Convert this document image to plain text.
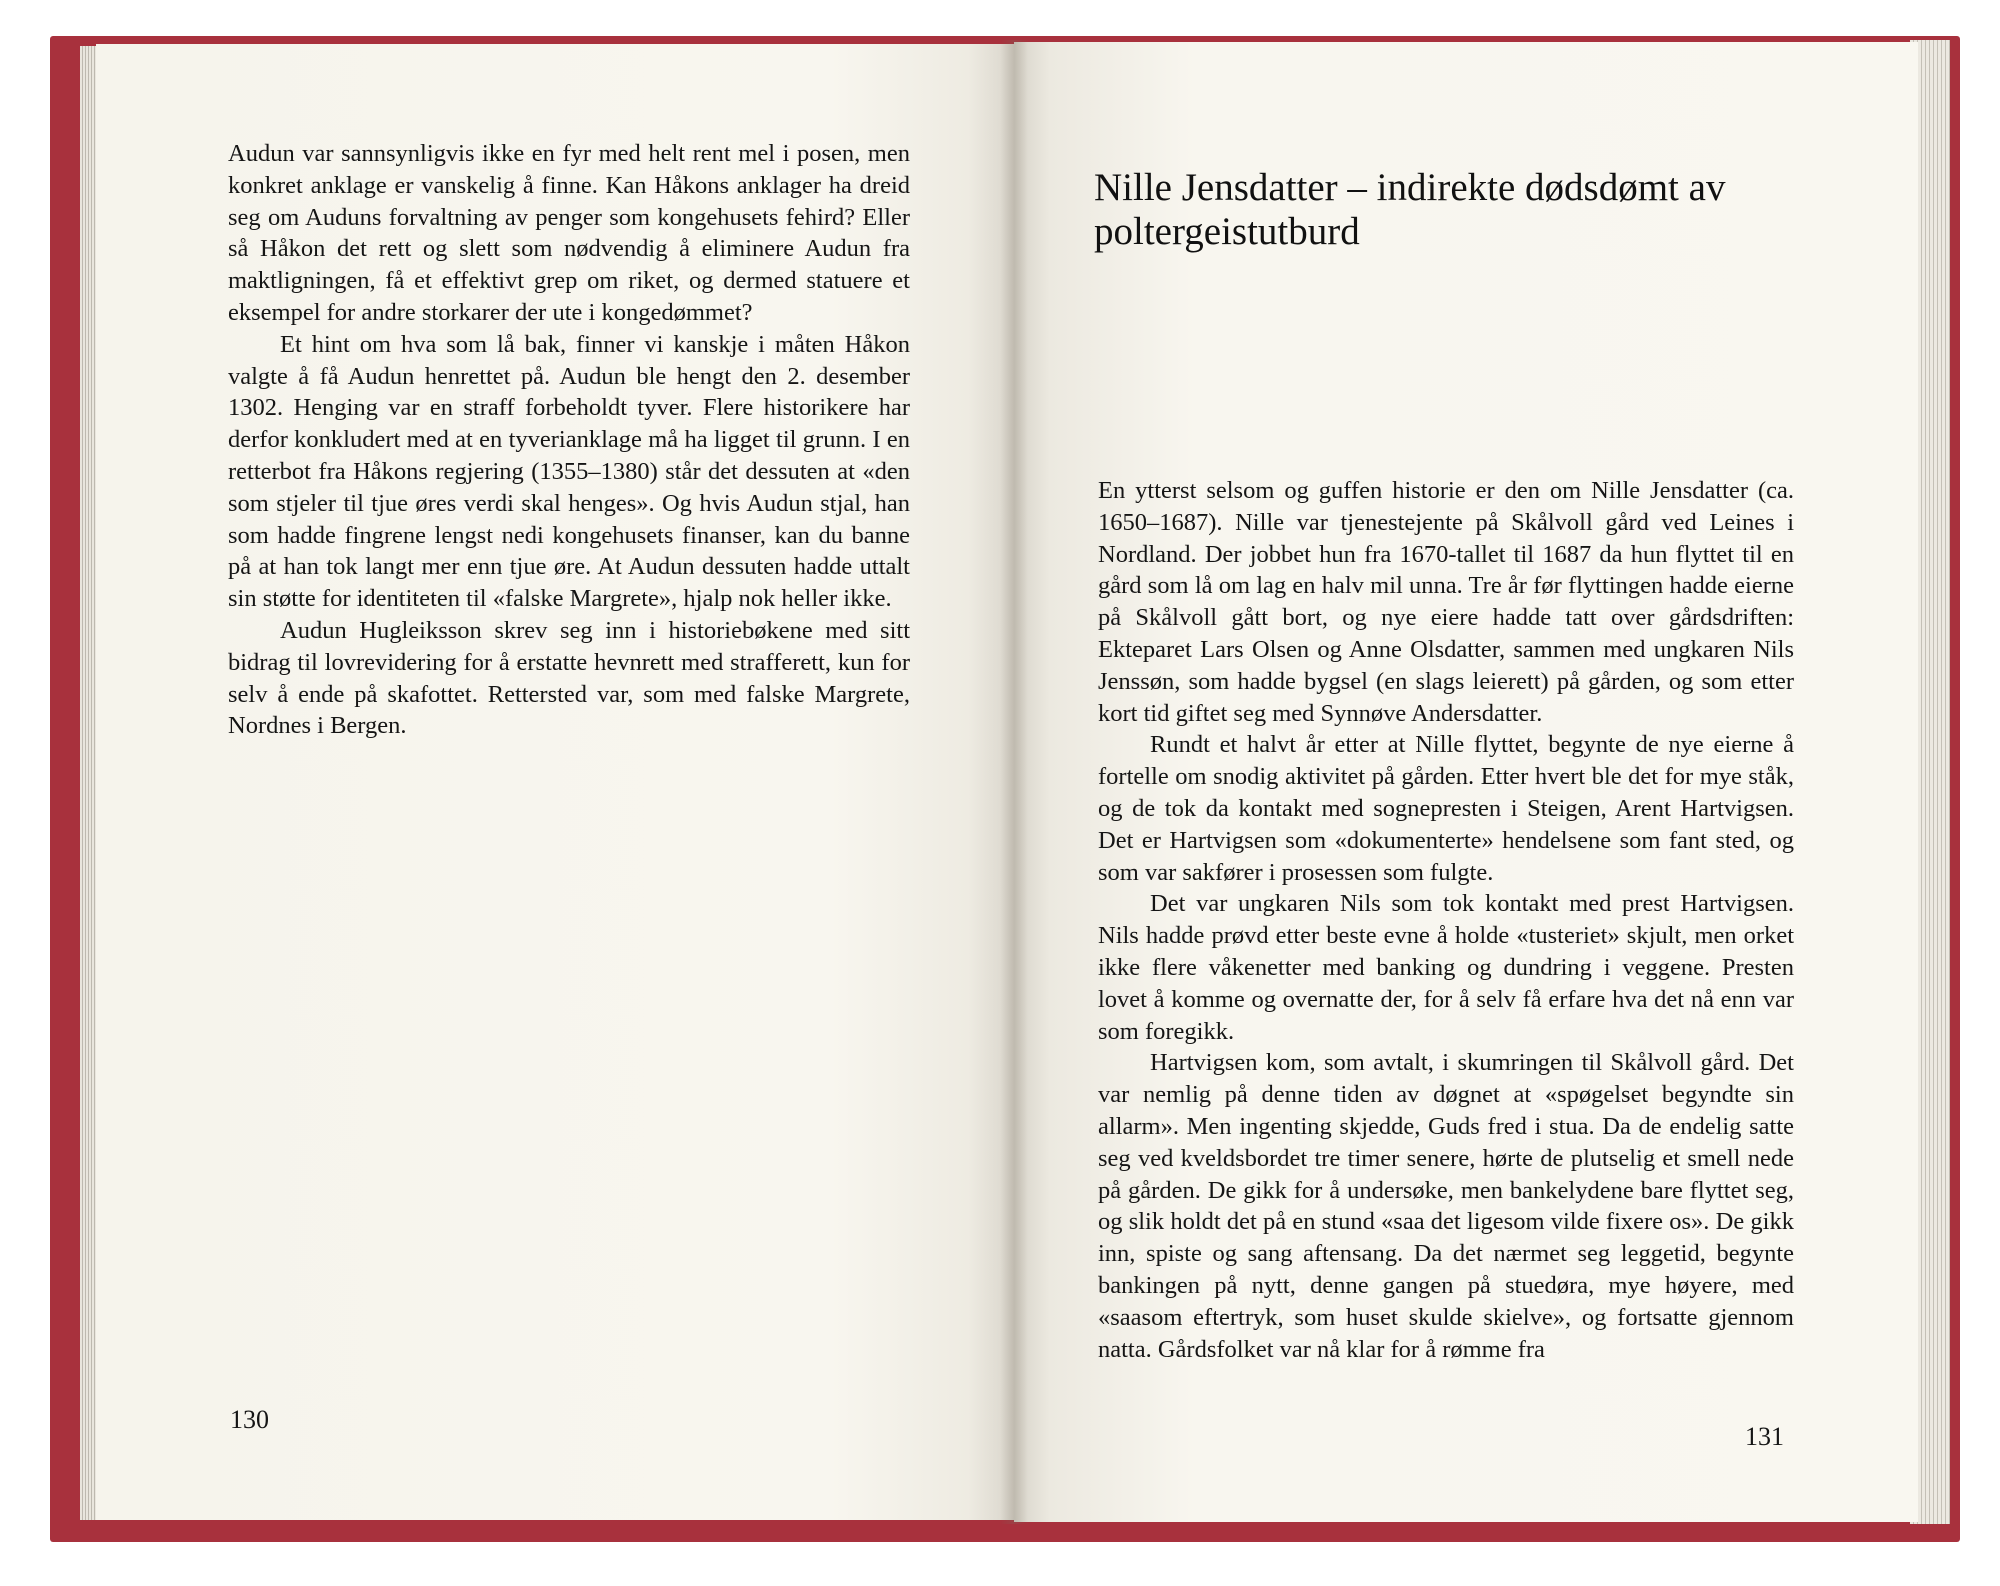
Audun var sannsynligvis ikke en fyr med helt rent mel i posen, men konkret anklage er vanskelig å finne. Kan Håkons anklager ha dreid seg om Auduns forvaltning av penger som kongehusets fehird? Eller så Håkon det rett og slett som nødvendig å eliminere Audun fra maktligningen, få et effektivt grep om riket, og dermed statuere et eksempel for andre storkarer der ute i kongedømmet?

Et hint om hva som lå bak, finner vi kanskje i måten Håkon valgte å få Audun henrettet på. Audun ble hengt den 2. desember 1302. Henging var en straff forbeholdt tyver. Flere historikere har derfor konkludert med at en tyverianklage må ha ligget til grunn. I en retterbot fra Håkons regjering (1355–1380) står det dessuten at «den som stjeler til tjue øres verdi skal henges». Og hvis Audun stjal, han som hadde fingrene lengst nedi kongehusets finanser, kan du banne på at han tok langt mer enn tjue øre. At Audun dessuten hadde uttalt sin støtte for identiteten til «falske Margrete», hjalp nok heller ikke.

Audun Hugleiksson skrev seg inn i historiebøkene med sitt bidrag til lovrevidering for å erstatte hevnrett med strafferett, kun for selv å ende på skafottet. Rettersted var, som med falske Margrete, Nordnes i Bergen.

130
Nille Jensdatter – indirekte dødsdømt av poltergeistutburd

En ytterst selsom og guffen historie er den om Nille Jensdatter (ca. 1650–1687). Nille var tjenestejente på Skålvoll gård ved Leines i Nordland. Der jobbet hun fra 1670-tallet til 1687 da hun flyttet til en gård som lå om lag en halv mil unna. Tre år før flyttingen hadde eierne på Skålvoll gått bort, og nye eiere hadde tatt over gårdsdriften: Ekteparet Lars Olsen og Anne Olsdatter, sammen med ungkaren Nils Jenssøn, som hadde bygsel (en slags leierett) på gården, og som etter kort tid giftet seg med Synnøve Andersdatter.

Rundt et halvt år etter at Nille flyttet, begynte de nye eierne å fortelle om snodig aktivitet på gården. Etter hvert ble det for mye ståk, og de tok da kontakt med sognepresten i Steigen, Arent Hartvigsen. Det er Hartvigsen som «dokumenterte» hendelsene som fant sted, og som var sakfører i prosessen som fulgte.

Det var ungkaren Nils som tok kontakt med prest Hartvigsen. Nils hadde prøvd etter beste evne å holde «tusteriet» skjult, men orket ikke flere våkenetter med banking og dundring i veggene. Presten lovet å komme og overnatte der, for å selv få erfare hva det nå enn var som foregikk.

Hartvigsen kom, som avtalt, i skumringen til Skålvoll gård. Det var nemlig på denne tiden av døgnet at «spøgelset begyndte sin allarm». Men ingenting skjedde, Guds fred i stua. Da de endelig satte seg ved kveldsbordet tre timer senere, hørte de plutselig et smell nede på gården. De gikk for å undersøke, men bankelydene bare flyttet seg, og slik holdt det på en stund «saa det ligesom vilde fixere os». De gikk inn, spiste og sang aftensang. Da det nærmet seg leggetid, begynte bankingen på nytt, denne gangen på stuedøra, mye høyere, med «saasom eftertryk, som huset skulde skielve», og fortsatte gjennom natta. Gårdsfolket var nå klar for å rømme fra

131
